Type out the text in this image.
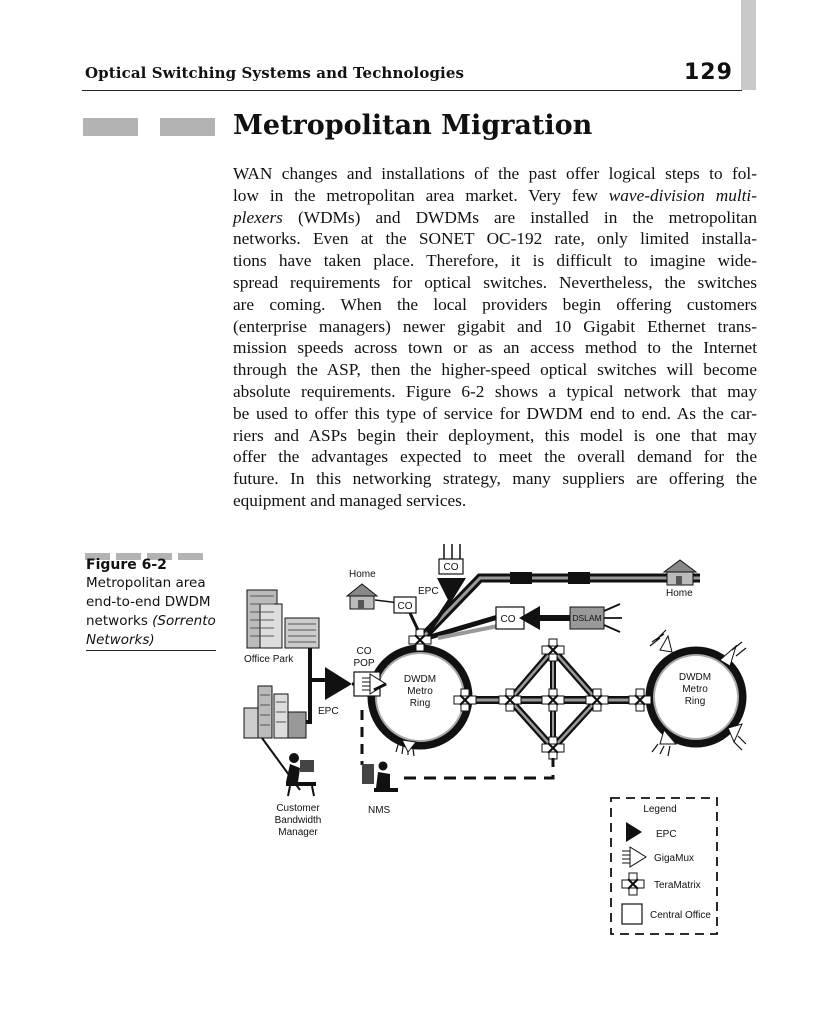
Optical Switching Systems and Technologies	129
Metropolitan Migration
WAN changes and installations of the past offer logical steps to fol-
low in the metropolitan area market. Very few wave-division multi-
plexers (WDMs) and DWDMs are installed in the metropolitan
networks. Even at the SONET OC-192 rate, only limited installa-
tions have taken place. Therefore, it is difficult to imagine wide-
spread requirements for optical switches. Nevertheless, the switches
are coming. When the local providers begin offering customers
(enterprise managers) newer gigabit and 10 Gigabit Ethernet trans-
mission speeds across town or as an access method to the Internet
through the ASP, then the higher-speed optical switches will become
absolute requirements. Figure 6-2 shows a typical network that may
be used to offer this type of service for DWDM end to end. As the car-
riers and ASPs begin their deployment, this model is one that may
offer the advantages expected to meet the overall demand for the
future. In this networking strategy, many suppliers are offering the
equipment and managed services.
Figure 6-2
Metropolitan area end-to-end DWDM networks (Sorrento Networks)
DWDM
Metro
Ring
DWDM
Metro
Ring
CO
EPC
Home
CO
CO	DSLAM
Home
Office Park
EPC
CO
POP
Customer
Bandwidth
Manager
NMS	Legend
EPC
GigaMux
TeraMatrix
Central Office
